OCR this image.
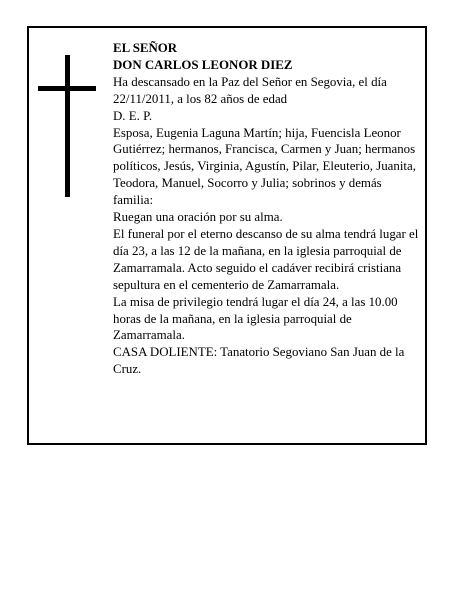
EL SEÑOR

DON CARLOS LEONOR DIEZ

Ha descansado en la Paz del Señor en Segovia, el día 22/11/2011, a los 82 años de edad

D. E. P.

Esposa, Eugenia Laguna Martín; hija, Fuencisla Leonor Gutiérrez; hermanos, Francisca, Carmen y Juan; hermanos políticos, Jesús, Virginia, Agustín, Pilar, Eleuterio, Juanita, Teodora, Manuel, Socorro y Julia; sobrinos y demás familia:

Ruegan una oración por su alma.

El funeral por el eterno descanso de su alma tendrá lugar el día 23, a las 12 de la mañana, en la iglesia parroquial de Zamarramala. Acto seguido el cadáver recibirá cristiana sepultura en el cementerio de Zamarramala.

La misa de privilegio tendrá lugar el día 24, a las 10.00 horas de la mañana, en la iglesia parroquial de Zamarramala.

CASA DOLIENTE: Tanatorio Segoviano San Juan de la Cruz.
